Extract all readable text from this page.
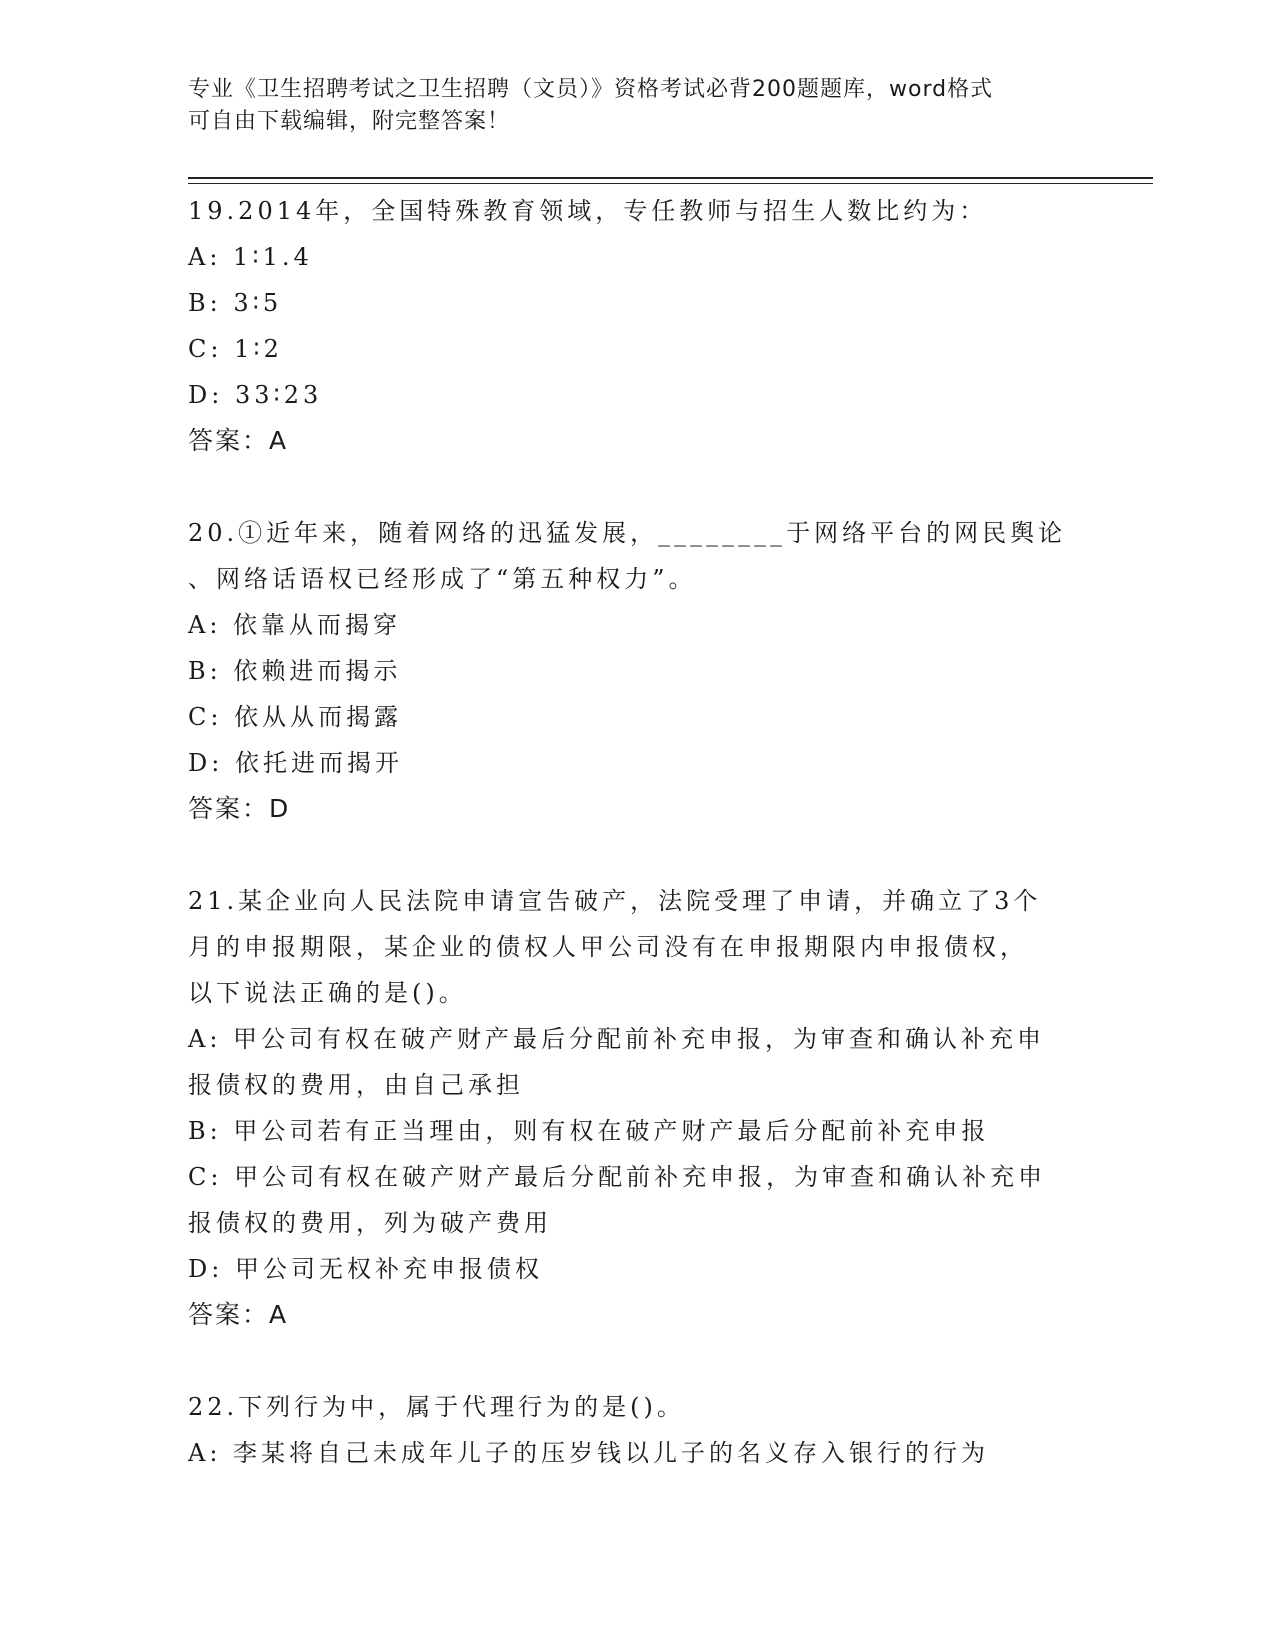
专业《卫生招聘考试之卫生招聘（文员）》资格考试必背200题题库，word格式
可自由下载编辑，附完整答案！
19.2014年，全国特殊教育领域，专任教师与招生人数比约为：
A: 1∶1.4
B: 3∶5
C: 1∶2
D: 33∶23
答案：A
20.①近年来，随着网络的迅猛发展，________于网络平台的网民舆论
、网络话语权已经形成了“第五种权力”。
A: 依靠从而揭穿
B: 依赖进而揭示
C: 依从从而揭露
D: 依托进而揭开
答案：D
21.某企业向人民法院申请宣告破产，法院受理了申请，并确立了3个
月的申报期限，某企业的债权人甲公司没有在申报期限内申报债权，
以下说法正确的是()。
A: 甲公司有权在破产财产最后分配前补充申报，为审查和确认补充申
报债权的费用，由自己承担
B: 甲公司若有正当理由，则有权在破产财产最后分配前补充申报
C: 甲公司有权在破产财产最后分配前补充申报，为审查和确认补充申
报债权的费用，列为破产费用
D: 甲公司无权补充申报债权
答案：A
22.下列行为中，属于代理行为的是()。
A: 李某将自己未成年儿子的压岁钱以儿子的名义存入银行的行为
